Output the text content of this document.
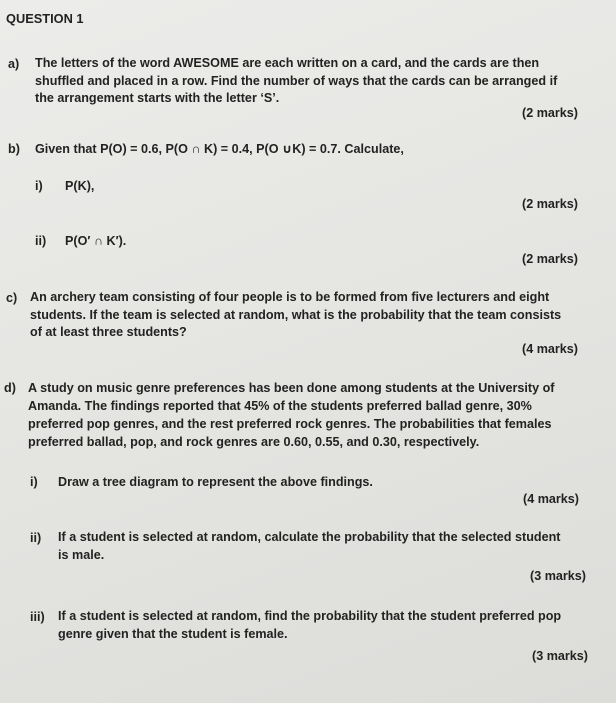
QUESTION 1
a) The letters of the word AWESOME are each written on a card, and the cards are then
shuffled and placed in a row. Find the number of ways that the cards can be arranged if
the arrangement starts with the letter ‘S’.
(2 marks)
b) Given that P(O) = 0.6, P(O ∩ K) = 0.4, P(O ∪K) = 0.7. Calculate,
i) P(K),
(2 marks)
ii) P(O′ ∩ K′).
(2 marks)
c) An archery team consisting of four people is to be formed from five lecturers and eight
students. If the team is selected at random, what is the probability that the team consists
of at least three students?
(4 marks)
d) A study on music genre preferences has been done among students at the University of
Amanda. The findings reported that 45% of the students preferred ballad genre, 30%
preferred pop genres, and the rest preferred rock genres. The probabilities that females
preferred ballad, pop, and rock genres are 0.60, 0.55, and 0.30, respectively.
i) Draw a tree diagram to represent the above findings.
(4 marks)
ii) If a student is selected at random, calculate the probability that the selected student
is male.
(3 marks)
iii) If a student is selected at random, find the probability that the student preferred pop
genre given that the student is female.
(3 marks)
